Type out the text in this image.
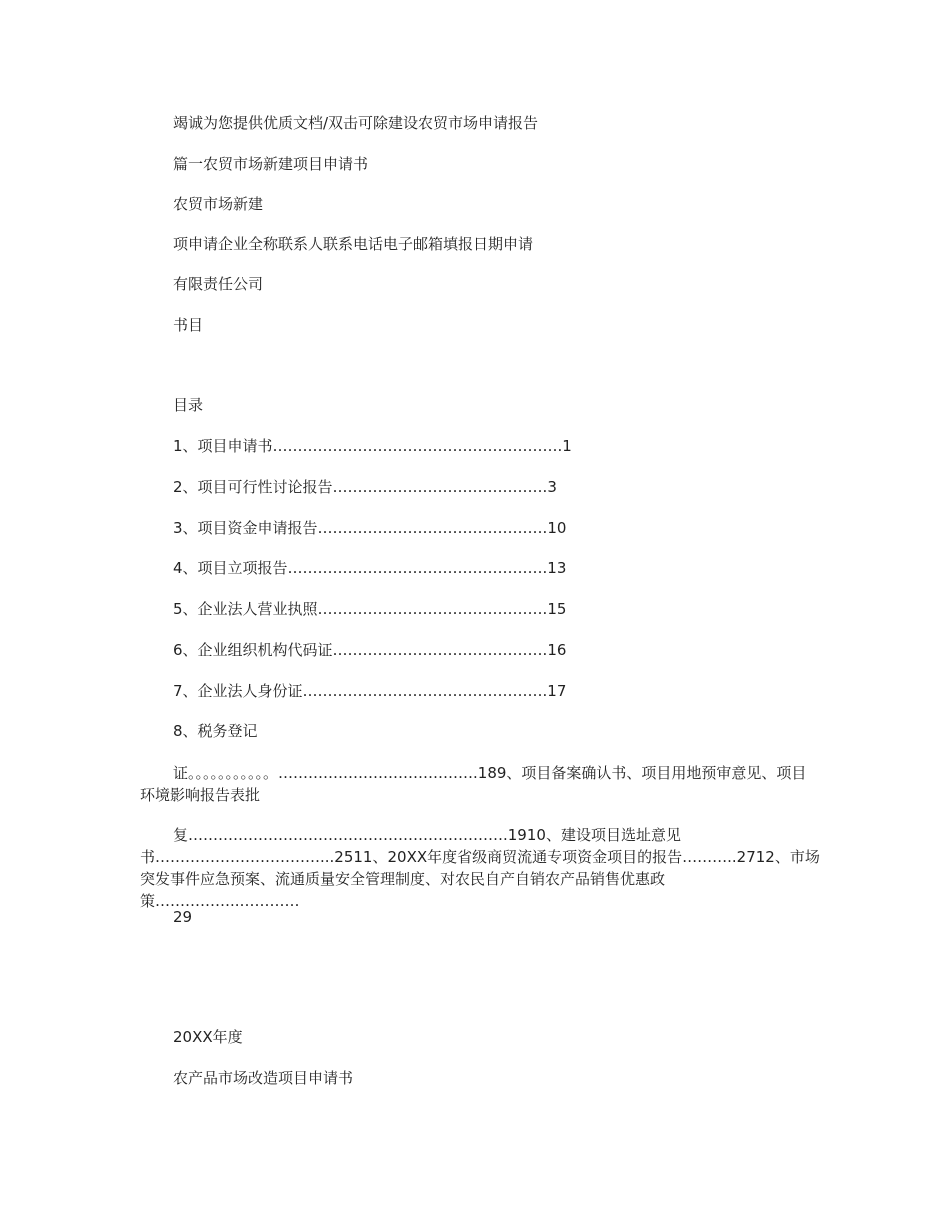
竭诚为您提供优质文档/双击可除建设农贸市场申请报告
篇一农贸市场新建项目申请书
农贸市场新建
项申请企业全称联系人联系电话电子邮箱填报日期申请
有限责任公司
书目
目录
1、项目申请书………………………………………………….1
2、项目可行性讨论报告…………………………………….3
3、项目资金申请报告……………………………………….10
4、项目立项报告…………………………………………….13
5、企业法人营业执照……………………………………….15
6、企业组织机构代码证…………………………………….16
7、企业法人身份证………………………………………….17
8、税务登记
证。。。。。。。。。。。………………………………….189、项目备案确认书、项目用地预审意见、项目环境影响报告表批
复……………………………………………………….1910、建设项目选址意见书……………………………...2511、20XX年度省级商贸流通专项资金项目的报告………..2712、市场突发事件应急预案、流通质量安全管理制度、对农民自产自销农产品销售优惠政策……………..…………
29
20XX年度
农产品市场改造项目申请书
